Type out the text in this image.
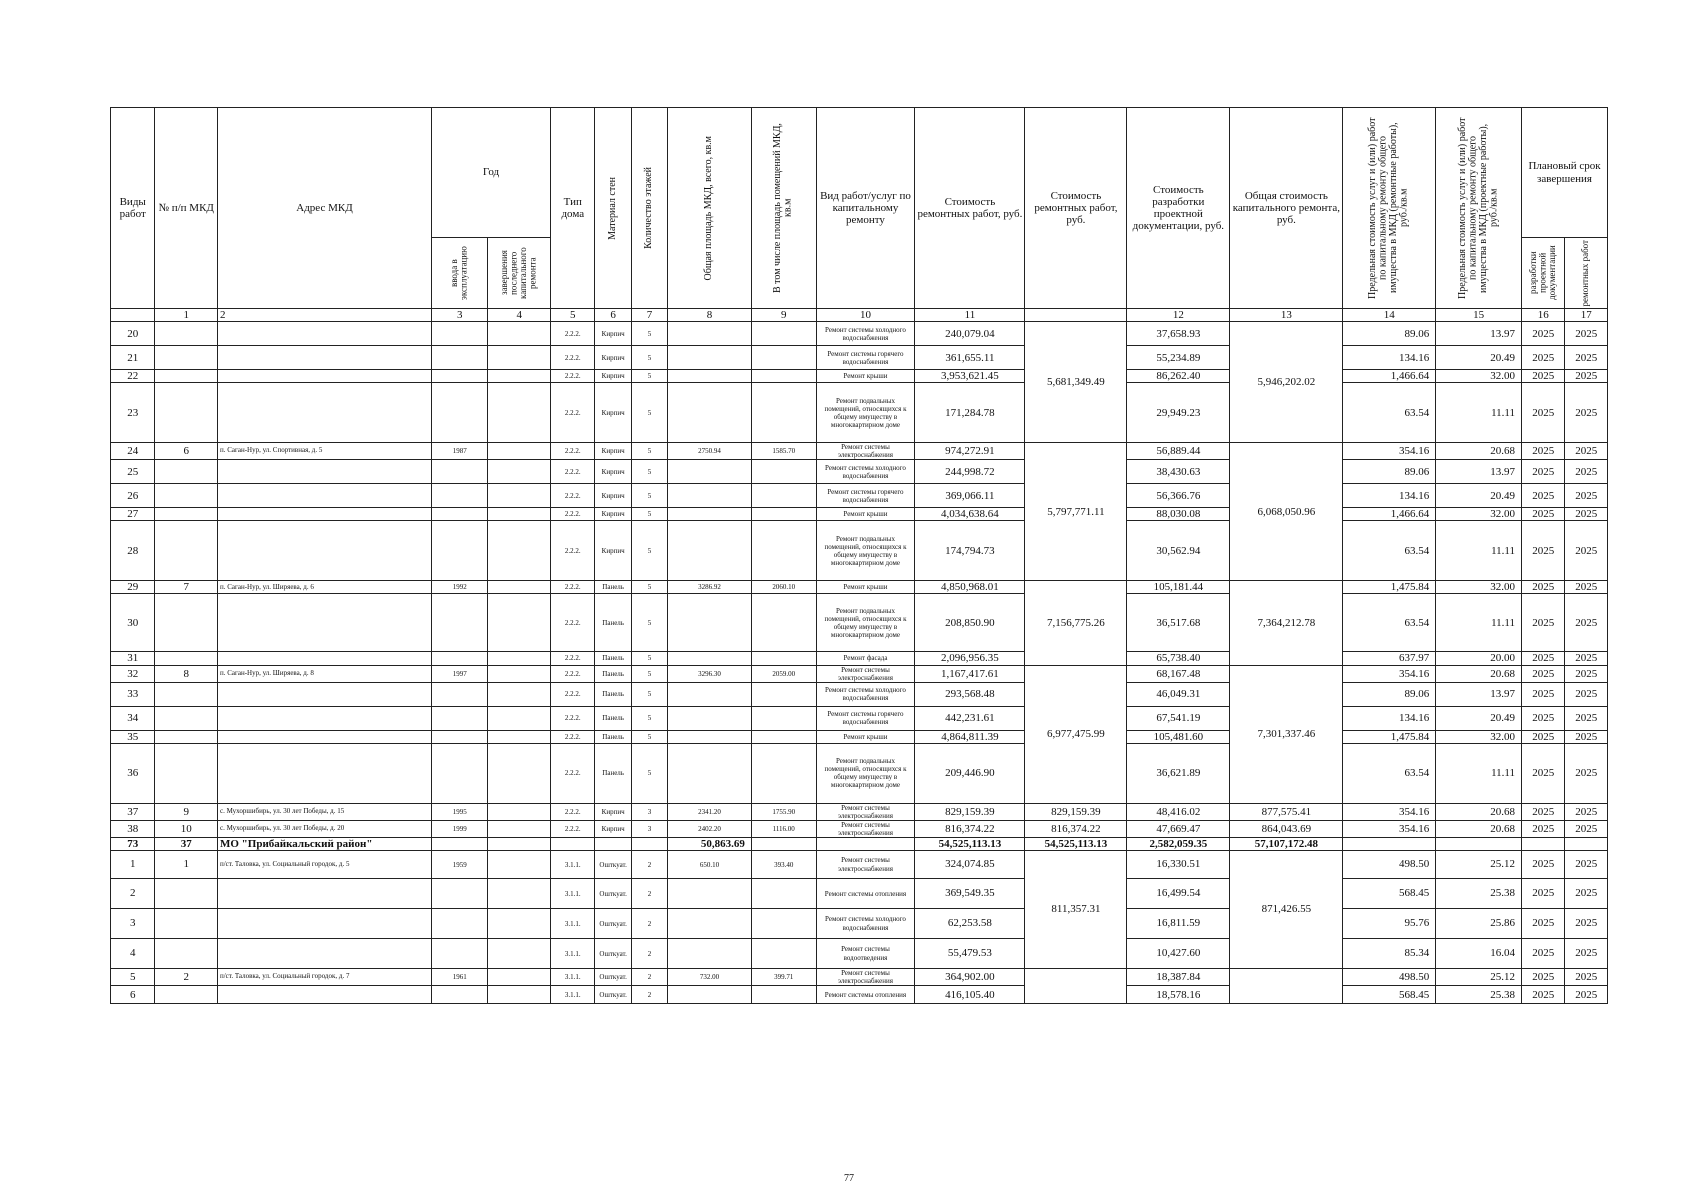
Виды работ	№ п/п МКД	Адрес МКД	Год		Тип дома	Материал стен	Количество этажей	Общая площадь МКД, всего, кв.м	В том числе площадь помещений МКД, кв.м	Вид работ/услуг по капитальному ремонту	Стоимость ремонтных работ, руб.	Стоимость ремонтных работ, руб.	Стоимость разработки проектной документации, руб.	Общая стоимость капитального ремонта, руб.	Предельная стоимость услуг и (или) работ по капитальному ремонту общего имущества в МКД (ремонтные работы), руб./кв.м	Предельная стоимость услуг и (или) работ по капитальному ремонту общего имущества в МКД (проектные работы), руб./кв.м	Плановый срок завершения	

			ввода в эксплуатацию	завершения последнего капитального ремонта													разработки проектной документации	ремонтных работ

	1	2	3	4	5	6	7	8	9	10	11		12	13	14	15	16	17
20					2.2.2.	Кирпич	5			Ремонт системы холодного водоснабжения	240,079.04	5,681,349.49	37,658.93	5,946,202.02	89.06	13.97	2025	2025
21					2.2.2.	Кирпич	5			Ремонт системы горячего водоснабжения	361,655.11		55,234.89		134.16	20.49	2025	2025
22					2.2.2.	Кирпич	5			Ремонт крыши	3,953,621.45		86,262.40		1,466.64	32.00	2025	2025
23					2.2.2.	Кирпич	5			Ремонт подвальных помещений, относящихся к общему имуществу в многоквартирном доме	171,284.78		29,949.23		63.54	11.11	2025	2025
24	6	п. Саган-Нур, ул. Спортивная, д. 5	1987		2.2.2.	Кирпич	5	2750.94	1585.70	Ремонт системы электроснабжения	974,272.91	5,797,771.11	56,889.44	6,068,050.96	354.16	20.68	2025	2025
25					2.2.2.	Кирпич	5			Ремонт системы холодного водоснабжения	244,998.72		38,430.63		89.06	13.97	2025	2025
26					2.2.2.	Кирпич	5			Ремонт системы горячего водоснабжения	369,066.11		56,366.76		134.16	20.49	2025	2025
27					2.2.2.	Кирпич	5			Ремонт крыши	4,034,638.64		88,030.08		1,466.64	32.00	2025	2025
28					2.2.2.	Кирпич	5			Ремонт подвальных помещений, относящихся к общему имуществу в многоквартирном доме	174,794.73		30,562.94		63.54	11.11	2025	2025
29	7	п. Саган-Нур, ул. Ширяева, д. 6	1992		2.2.2.	Панель	5	3286.92	2060.10	Ремонт крыши	4,850,968.01	7,156,775.26	105,181.44	7,364,212.78	1,475.84	32.00	2025	2025
30					2.2.2.	Панель	5			Ремонт подвальных помещений, относящихся к общему имуществу в многоквартирном доме	208,850.90		36,517.68		63.54	11.11	2025	2025
31					2.2.2.	Панель	5			Ремонт фасада	2,096,956.35		65,738.40		637.97	20.00	2025	2025
32	8	п. Саган-Нур, ул. Ширяева, д. 8	1997		2.2.2.	Панель	5	3296.30	2059.00	Ремонт системы электроснабжения	1,167,417.61	6,977,475.99	68,167.48	7,301,337.46	354.16	20.68	2025	2025
33					2.2.2.	Панель	5			Ремонт системы холодного водоснабжения	293,568.48		46,049.31		89.06	13.97	2025	2025
34					2.2.2.	Панель	5			Ремонт системы горячего водоснабжения	442,231.61		67,541.19		134.16	20.49	2025	2025
35					2.2.2.	Панель	5			Ремонт крыши	4,864,811.39		105,481.60		1,475.84	32.00	2025	2025
36					2.2.2.	Панель	5			Ремонт подвальных помещений, относящихся к общему имуществу в многоквартирном доме	209,446.90		36,621.89		63.54	11.11	2025	2025
37	9	с. Мухоршибирь, ул. 30 лет Победы, д. 15	1995		2.2.2.	Кирпич	3	2341.20	1755.90	Ремонт системы электроснабжения	829,159.39	829,159.39	48,416.02	877,575.41	354.16	20.68	2025	2025
38	10	с. Мухоршибирь, ул. 30 лет Победы, д. 20	1999		2.2.2.	Кирпич	3	2402.20	1116.00	Ремонт системы электроснабжения	816,374.22	816,374.22	47,669.47	864,043.69	354.16	20.68	2025	2025
73	37	МО "Прибайкальский район"						50,863.69			54,525,113.13	54,525,113.13	2,582,059.35	57,107,172.48				
1	1	п/ст. Таловка, ул. Социальный городок, д. 5	1959		3.1.1.	Ошткуат.	2	650.10	393.40	Ремонт системы электроснабжения	324,074.85	811,357.31	16,330.51	871,426.55	498.50	25.12	2025	2025
2					3.1.1.	Ошткуат.	2			Ремонт системы отопления	369,549.35		16,499.54		568.45	25.38	2025	2025
3					3.1.1.	Ошткуат.	2			Ремонт системы холодного водоснабжения	62,253.58		16,811.59		95.76	25.86	2025	2025
4					3.1.1.	Ошткуат.	2			Ремонт системы водоотведения	55,479.53		10,427.60		85.34	16.04	2025	2025
5	2	п/ст. Таловка, ул. Социальный городок, д. 7	1961		3.1.1.	Ошткуат.	2	732.00	399.71	Ремонт системы электроснабжения	364,902.00		18,387.84		498.50	25.12	2025	2025
6					3.1.1.	Ошткуат.	2			Ремонт системы отопления	416,105.40		18,578.16		568.45	25.38	2025	2025
77
